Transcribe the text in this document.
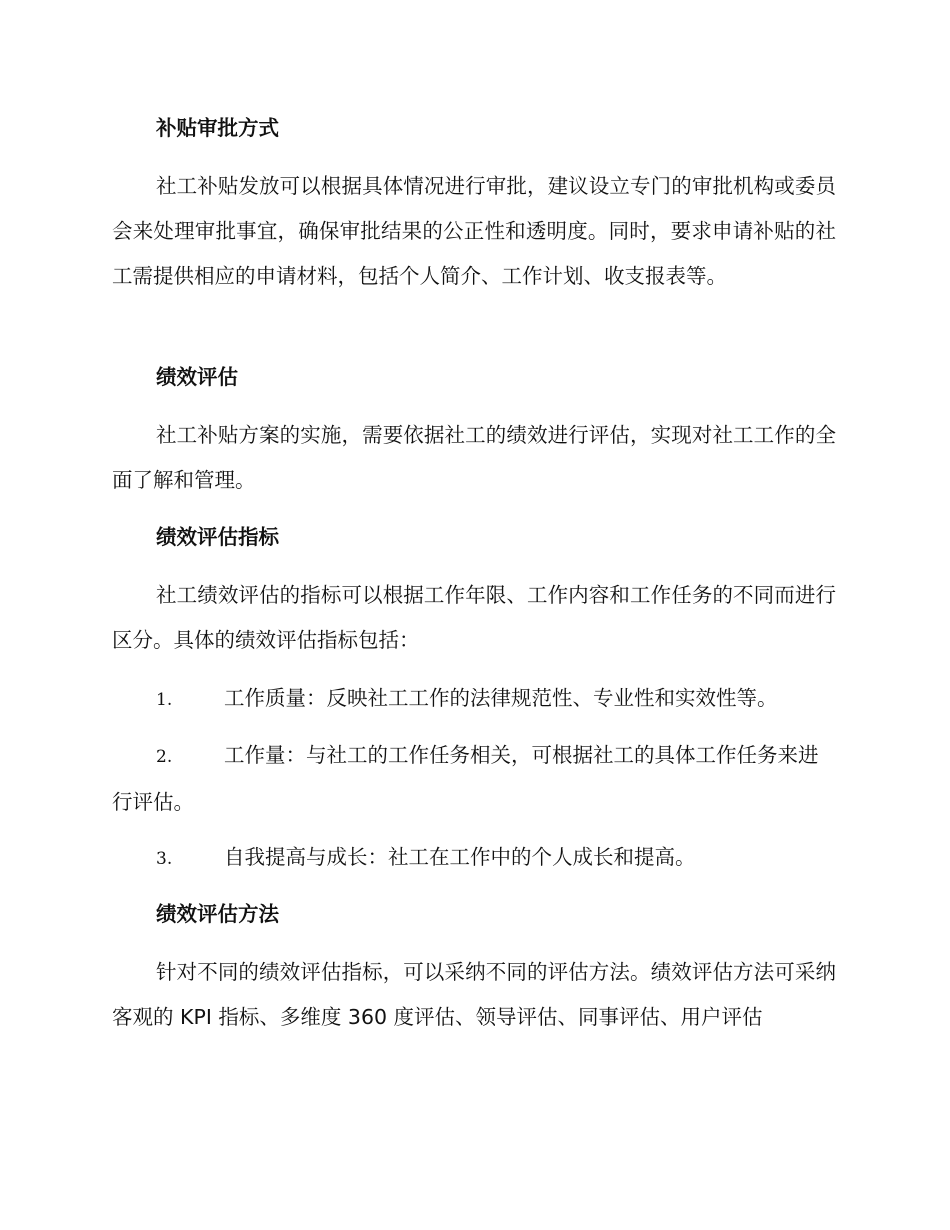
补贴审批方式

社工补贴发放可以根据具体情况进行审批，建议设立专门的审批机构或委员会来处理审批事宜，确保审批结果的公正性和透明度。同时，要求申请补贴的社工需提供相应的申请材料，包括个人简介、工作计划、收支报表等。

绩效评估

社工补贴方案的实施，需要依据社工的绩效进行评估，实现对社工工作的全面了解和管理。

绩效评估指标

社工绩效评估的指标可以根据工作年限、工作内容和工作任务的不同而进行区分。具体的绩效评估指标包括：

1.	工作质量：反映社工工作的法律规范性、专业性和实效性等。

2.	工作量：与社工的工作任务相关，可根据社工的具体工作任务来进行评估。

3.	自我提高与成长：社工在工作中的个人成长和提高。

绩效评估方法

针对不同的绩效评估指标，可以采纳不同的评估方法。绩效评估方法可采纳客观的 KPI 指标、多维度 360 度评估、领导评估、同事评估、用户评估
